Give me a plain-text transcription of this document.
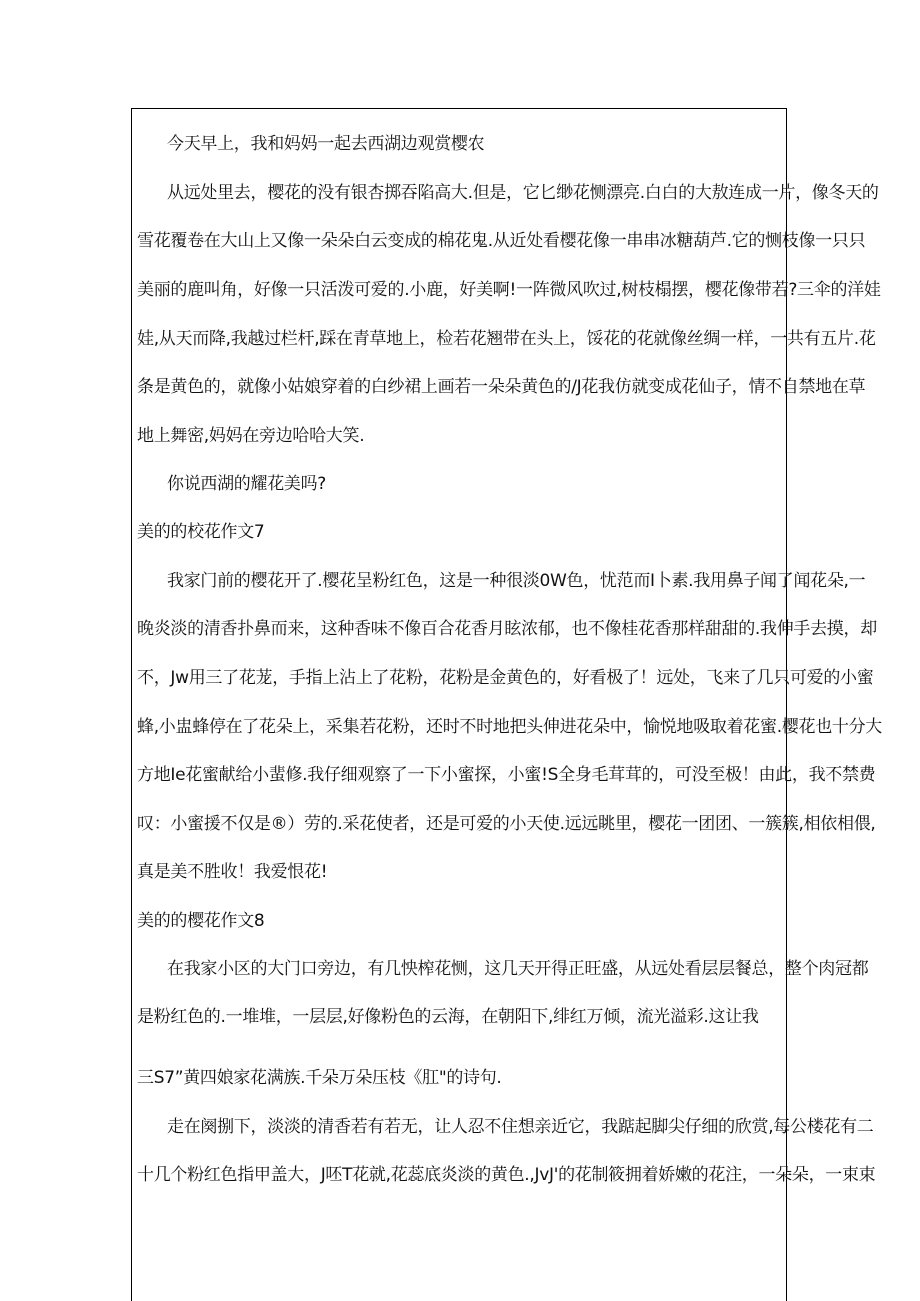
今天早上，我和妈妈一起去西湖边观赏樱农
从远处里去，樱花的没有银杏掷吞陷高大.但是，它匕缈花恻漂亮.白白的大敖连成一片，像冬天的
雪花覆卷在大山上又像一朵朵白云变成的棉花鬼.从近处看樱花像一串串冰糖葫芦.它的恻枝像一只只
美丽的鹿叫角，好像一只活泼可爱的.小鹿，好美啊!一阵微风吹过,树枝榻摆，樱花像带若?三伞的洋娃
娃,从天而降,我越过栏杆,踩在青草地上，检若花翘带在头上，馁花的花就像丝绸一样，一共有五片.花
条是黄色的，就像小姑娘穿着的白纱裙上画若一朵朵黄色的/J花我仿就变成花仙子，情不自禁地在草
地上舞密,妈妈在旁边哈哈大笑.
你说西湖的耀花美吗?
美的的校花作文7
我家门前的樱花开了.樱花呈粉红色，这是一种很淡0W色，忧范而I卜素.我用鼻子闻了闻花朵,一
晚炎淡的清香扑鼻而来，这种香味不像百合花香月眩浓郁，也不像桂花香那样甜甜的.我伸手去摸，却
不，Jw用三了花茏，手指上沾上了花粉，花粉是金黄色的，好看极了！远处，飞来了几只可爱的小蜜
蜂,小盅蜂停在了花朵上，采集若花粉，还时不时地把头伸进花朵中，愉悦地吸取着花蜜.樱花也十分大
方地Ie花蜜献给小蜚修.我仔细观察了一下小蜜探，小蜜!S全身毛茸茸的，可没至极！由此，我不禁费
叹：小蜜援不仅是®）劳的.采花使者，还是可爱的小天使.远远眺里，樱花一团团、一簇簇,相依相偎,
真是美不胜收！我爱恨花!
美的的樱花作文8
在我家小区的大门口旁边，有几怏榨花恻，这几天开得正旺盛，从远处看层层餐总，整个肉冠都
是粉红色的.一堆堆，一层层,好像粉色的云海，在朝阳下,绯红万倾，流光溢彩.这让我
三S7”黄四娘家花满族.千朵万朵压枝《肛"的诗句.
走在阕捌下，淡淡的清香若有若无，让人忍不住想亲近它，我踮起脚尖仔细的欣赏,每公楼花有二
十几个粉红色指甲盖大，J呸T花就,花蕊底炎淡的黄色.,JvJ'的花制筱拥着娇嫩的花注，一朵朵，一束束
